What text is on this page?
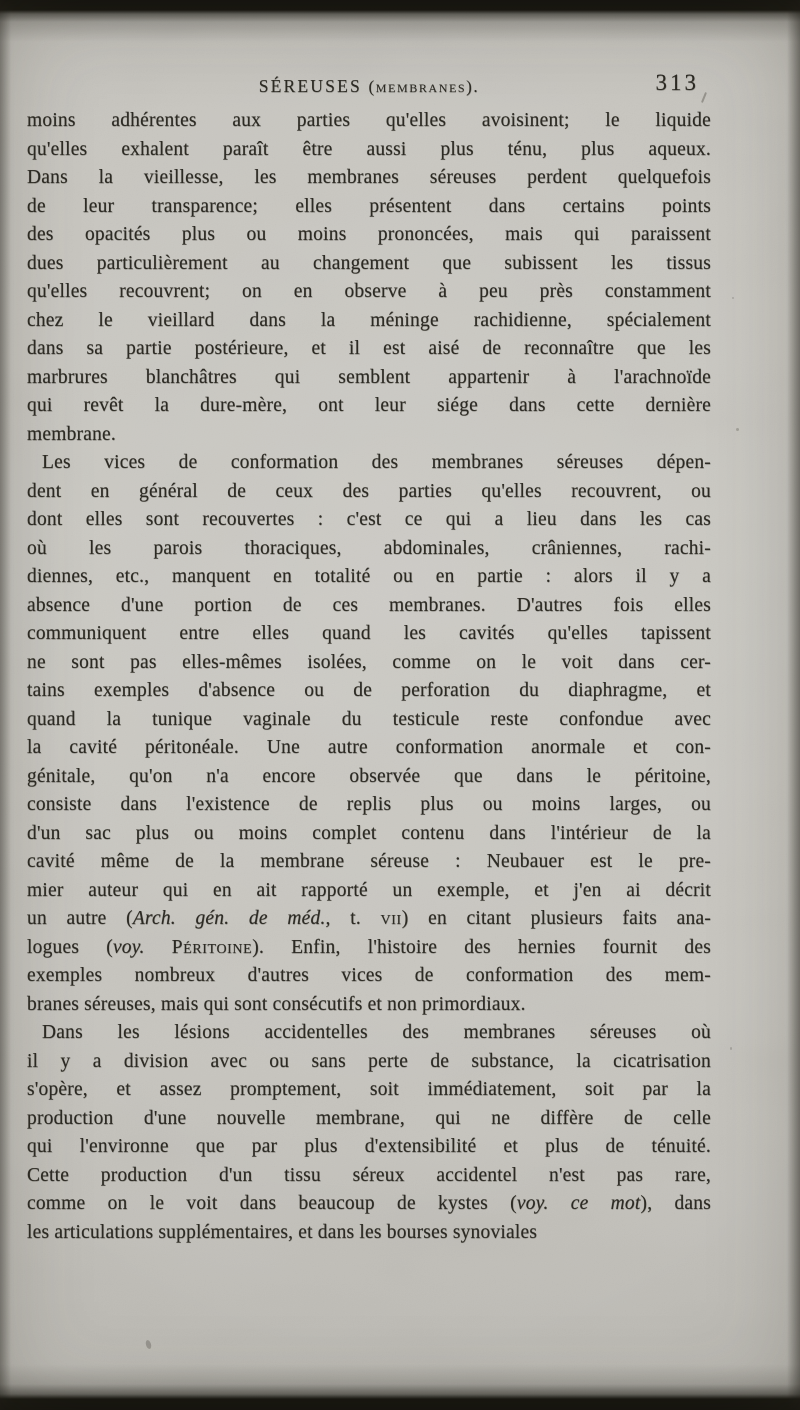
SÉREUSES (membranes).	313
moins adhérentes aux parties qu'elles avoisinent; le liquide
qu'elles exhalent paraît être aussi plus ténu, plus aqueux.
Dans la vieillesse, les membranes séreuses perdent quelquefois
de leur transparence; elles présentent dans certains points
des opacités plus ou moins prononcées, mais qui paraissent
dues particulièrement au changement que subissent les tissus
qu'elles recouvrent; on en observe à peu près constamment
chez le vieillard dans la méninge rachidienne, spécialement
dans sa partie postérieure, et il est aisé de reconnaître que les
marbrures blanchâtres qui semblent appartenir à l'arachnoïde
qui revêt la dure-mère, ont leur siége dans cette dernière
membrane.
Les vices de conformation des membranes séreuses dépen-
dent en général de ceux des parties qu'elles recouvrent, ou
dont elles sont recouvertes : c'est ce qui a lieu dans les cas
où les parois thoraciques, abdominales, crâniennes, rachi-
diennes, etc., manquent en totalité ou en partie : alors il y a
absence d'une portion de ces membranes. D'autres fois elles
communiquent entre elles quand les cavités qu'elles tapissent
ne sont pas elles-mêmes isolées, comme on le voit dans cer-
tains exemples d'absence ou de perforation du diaphragme, et
quand la tunique vaginale du testicule reste confondue avec
la cavité péritonéale. Une autre conformation anormale et con-
génitale, qu'on n'a encore observée que dans le péritoine,
consiste dans l'existence de replis plus ou moins larges, ou
d'un sac plus ou moins complet contenu dans l'intérieur de la
cavité même de la membrane séreuse : Neubauer est le pre-
mier auteur qui en ait rapporté un exemple, et j'en ai décrit
un autre (Arch. gén. de méd., t. vii) en citant plusieurs faits ana-
logues (voy. Péritoine). Enfin, l'histoire des hernies fournit des
exemples nombreux d'autres vices de conformation des mem-
branes séreuses, mais qui sont consécutifs et non primordiaux.
Dans les lésions accidentelles des membranes séreuses où
il y a division avec ou sans perte de substance, la cicatrisation
s'opère, et assez promptement, soit immédiatement, soit par la
production d'une nouvelle membrane, qui ne diffère de celle
qui l'environne que par plus d'extensibilité et plus de ténuité.
Cette production d'un tissu séreux accidentel n'est pas rare,
comme on le voit dans beaucoup de kystes (voy. ce mot), dans
les articulations supplémentaires, et dans les bourses synoviales
